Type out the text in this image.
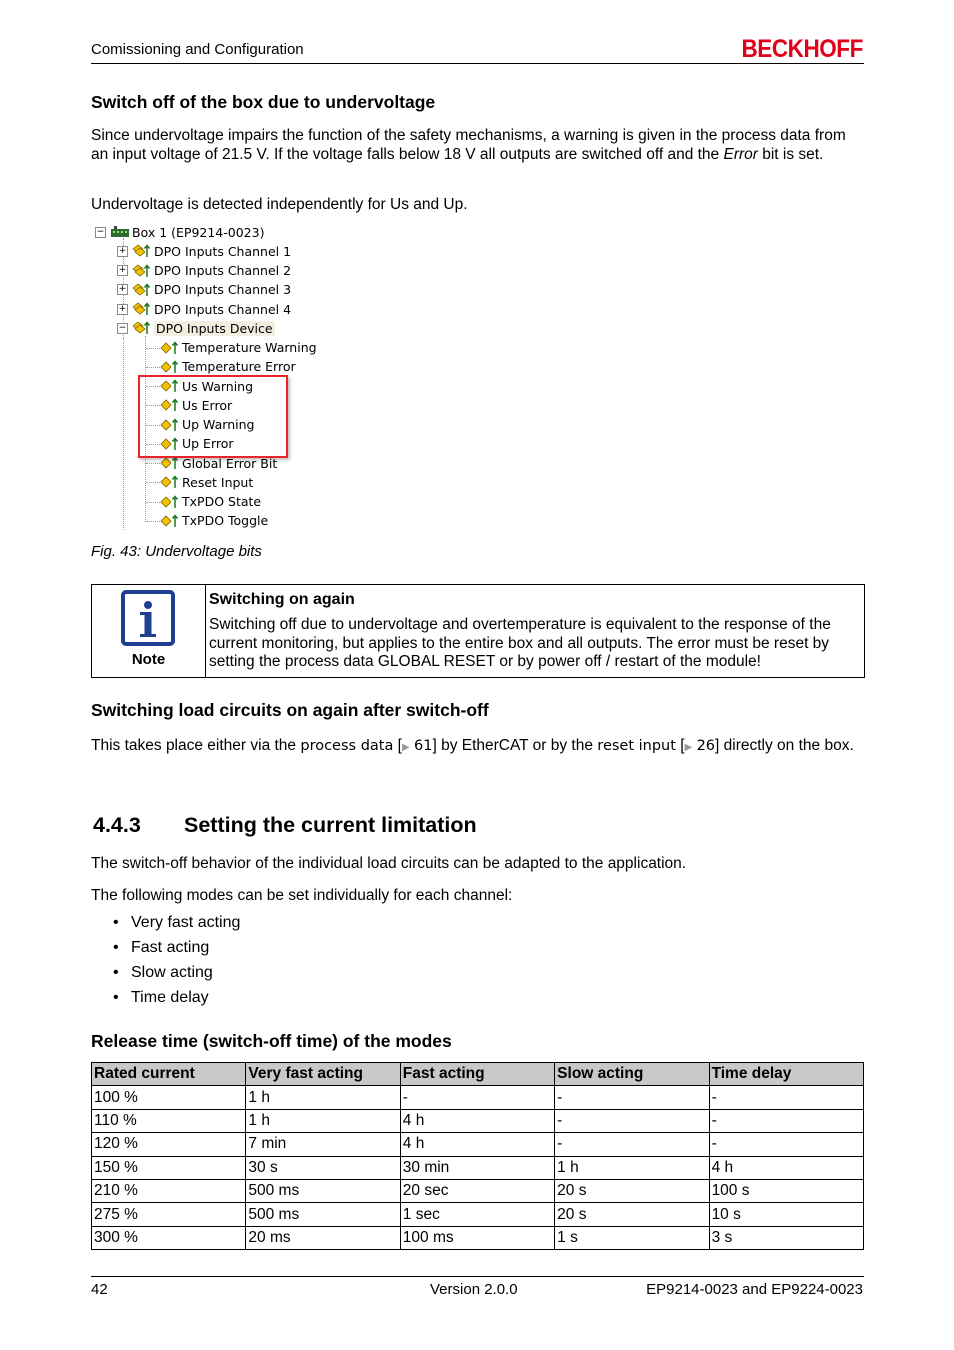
Comissioning and Configuration	BECKHOFF
Switch off of the box due to undervoltage
Since undervoltage impairs the function of the safety mechanisms, a warning is given in the process data from an input voltage of 21.5 V. If the voltage falls below 18 V all outputs are switched off and the Error bit is set.
Undervoltage is detected independently for Us and Up.
− Box 1 (EP9214-0023)
+ DPO Inputs Channel 1
+ DPO Inputs Channel 2
+ DPO Inputs Channel 3
+ DPO Inputs Channel 4
− DPO Inputs Device
Temperature Warning
Temperature Error
Us Warning
Us Error
Up Warning
Up Error
Global Error Bit
Reset Input
TxPDO State
TxPDO Toggle
Fig. 43: Undervoltage bits
Note
Switching on again
Switching off due to undervoltage and overtemperature is equivalent to the response of the current monitoring, but applies to the entire box and all outputs. The error must be reset by setting the process data GLOBAL RESET or by power off / restart of the module!
Switching load circuits on again after switch-off
This takes place either via the process data [▶ 61] by EtherCAT or by the reset input [▶ 26] directly on the box.
4.4.3 Setting the current limitation
The switch-off behavior of the individual load circuits can be adapted to the application.
The following modes can be set individually for each channel:
• Very fast acting
• Fast acting
• Slow acting
• Time delay
Release time (switch-off time) of the modes
Rated current	Very fast acting	Fast acting	Slow acting	Time delay
100 %	1 h	-	-	-
110 %	1 h	4 h	-	-
120 %	7 min	4 h	-	-
150 %	30 s	30 min	1 h	4 h
210 %	500 ms	20 sec	20 s	100 s
275 %	500 ms	1 sec	20 s	10 s
300 %	20 ms	100 ms	1 s	3 s
42	Version 2.0.0	EP9214-0023 and EP9224-0023
